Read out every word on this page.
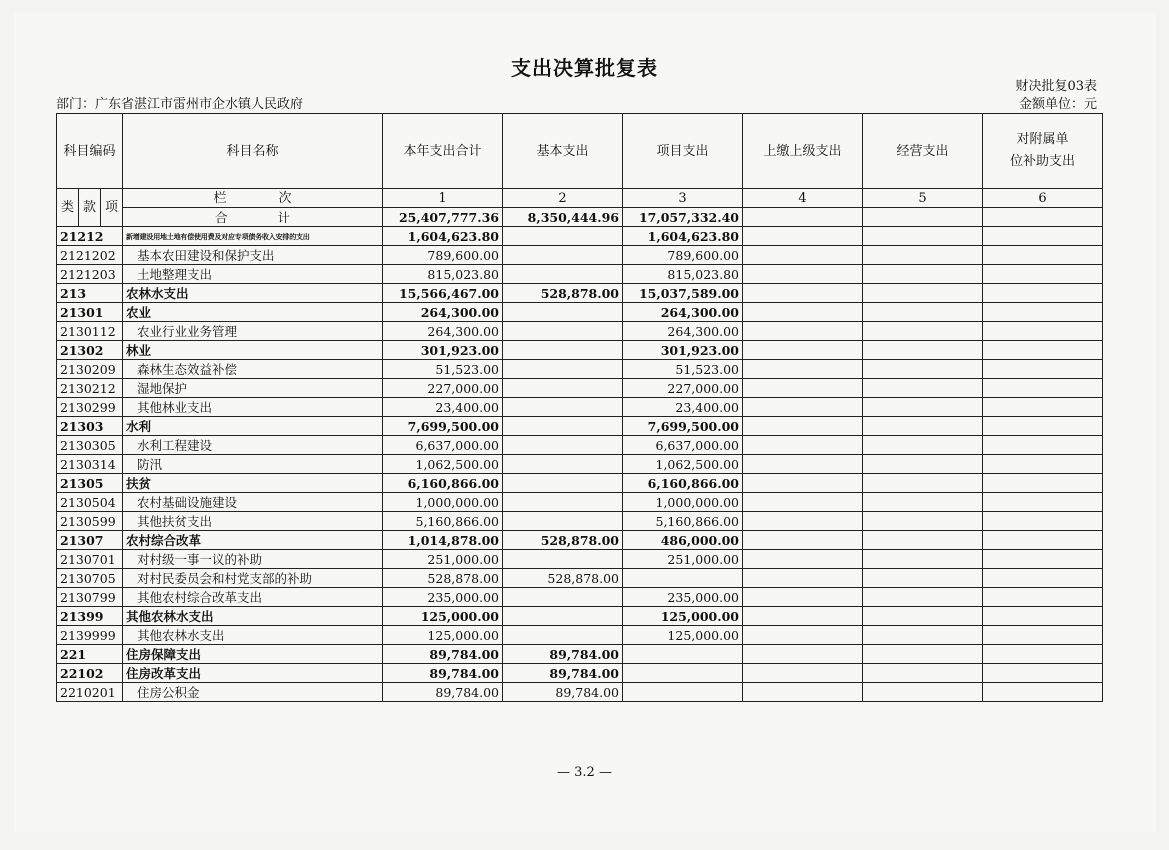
支出决算批复表
财决批复03表
金额单位：元
部门：广东省湛江市雷州市企水镇人民政府
科目编码			科目名称	本年支出合计	基本支出	项目支出	上缴上级支出	经营支出	对附属单
位补助支出

类	款	项	栏　　　　次	1	2	3	4	5	6
			合　　　　计	25,407,777.36	8,350,444.96	17,057,332.40			
21212			新增建设用地土地有偿使用费及对应专项债务收入安排的支出	1,604,623.80		1,604,623.80			
2121202			基本农田建设和保护支出	789,600.00		789,600.00			
2121203			土地整理支出	815,023.80		815,023.80			
213			农林水支出	15,566,467.00	528,878.00	15,037,589.00			
21301			农业	264,300.00		264,300.00			
2130112			农业行业业务管理	264,300.00		264,300.00			
21302			林业	301,923.00		301,923.00			
2130209			森林生态效益补偿	51,523.00		51,523.00			
2130212			湿地保护	227,000.00		227,000.00			
2130299			其他林业支出	23,400.00		23,400.00			
21303			水利	7,699,500.00		7,699,500.00			
2130305			水利工程建设	6,637,000.00		6,637,000.00			
2130314			防汛	1,062,500.00		1,062,500.00			
21305			扶贫	6,160,866.00		6,160,866.00			
2130504			农村基础设施建设	1,000,000.00		1,000,000.00			
2130599			其他扶贫支出	5,160,866.00		5,160,866.00			
21307			农村综合改革	1,014,878.00	528,878.00	486,000.00			
2130701			对村级一事一议的补助	251,000.00		251,000.00			
2130705			对村民委员会和村党支部的补助	528,878.00	528,878.00				
2130799			其他农村综合改革支出	235,000.00		235,000.00			
21399			其他农林水支出	125,000.00		125,000.00			
2139999			其他农林水支出	125,000.00		125,000.00			
221			住房保障支出	89,784.00	89,784.00				
22102			住房改革支出	89,784.00	89,784.00				
2210201			住房公积金	89,784.00	89,784.00				
— 3.2 —
